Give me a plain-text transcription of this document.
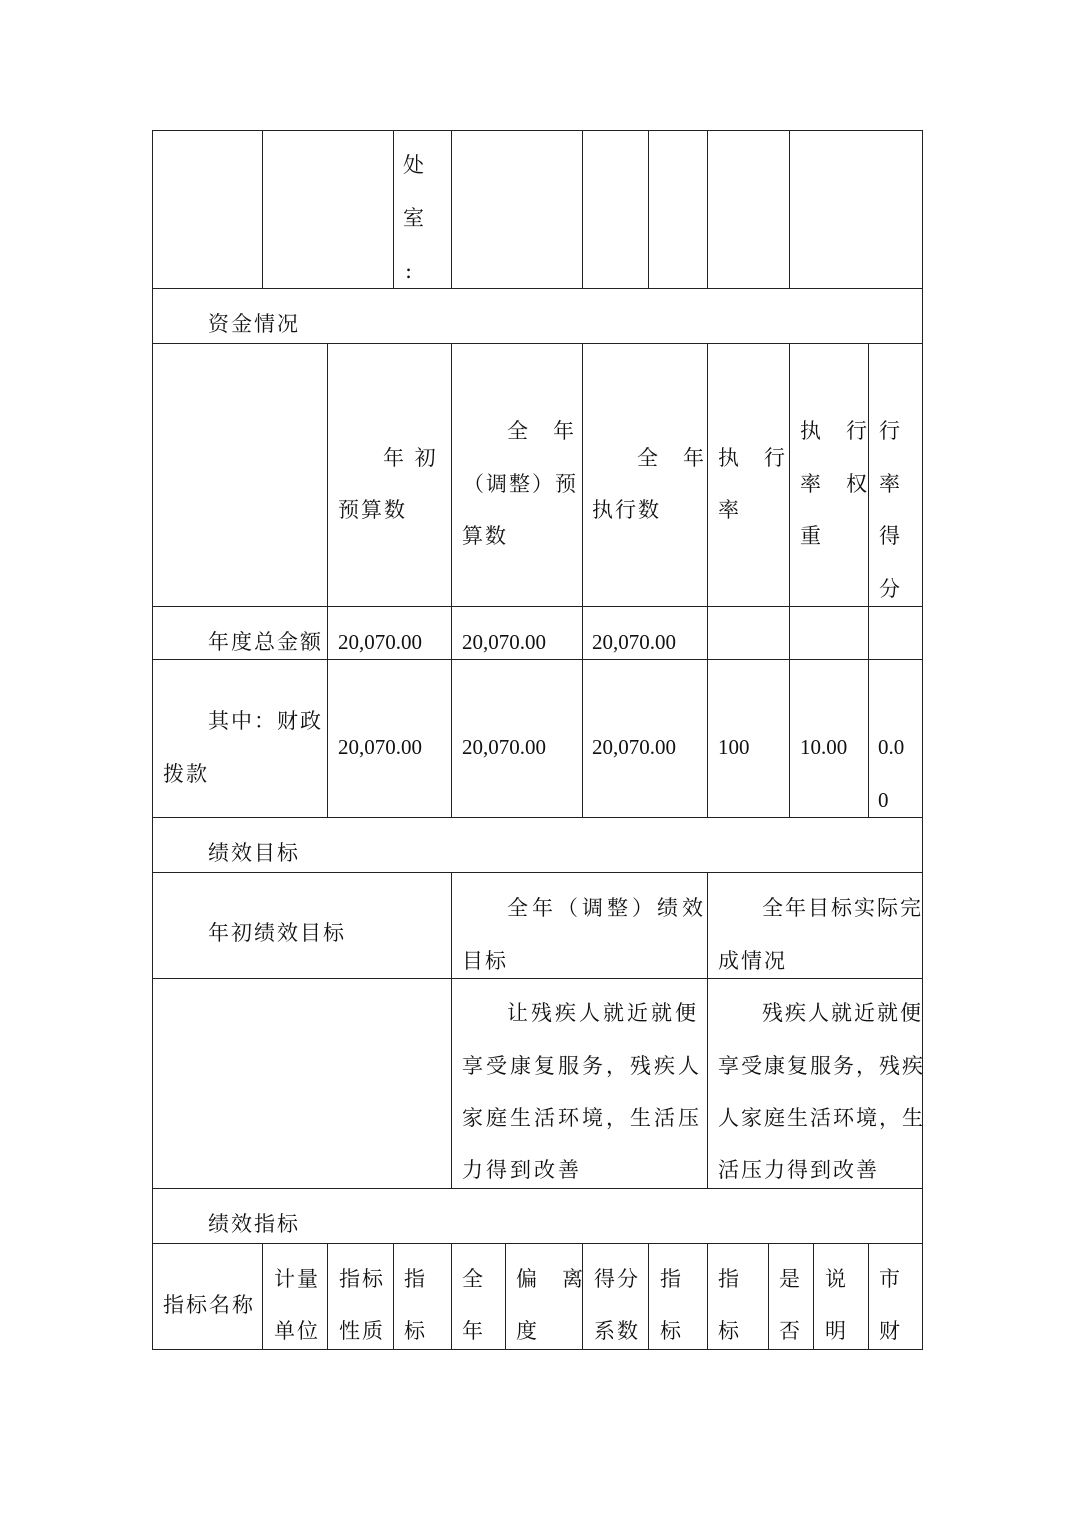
处
室
:
资金情况
年 初
预算数
全　年
（调整）预
算数
全　年
执行数
执　行
率
执　行
率　权
重
行
率
得
分
年度总金额 20,070.00 20,070.00 20,070.00
其中：财政
拨款
20,070.00 20,070.00 20,070.00 100 10.00 0.0
0
绩效目标
年初绩效目标
全年（调整）绩效
目标
全年目标实际完
成情况
让残疾人就近就便
享受康复服务，残疾人
家庭生活环境，生活压
力得到改善
残疾人就近就便
享受康复服务，残疾
人家庭生活环境，生
活压力得到改善
绩效指标
指标名称
计量
单位
指标
性质
指
标
全
年
偏　离
度
得分
系数
指
标
指
标
是
否
说
明
市
财
